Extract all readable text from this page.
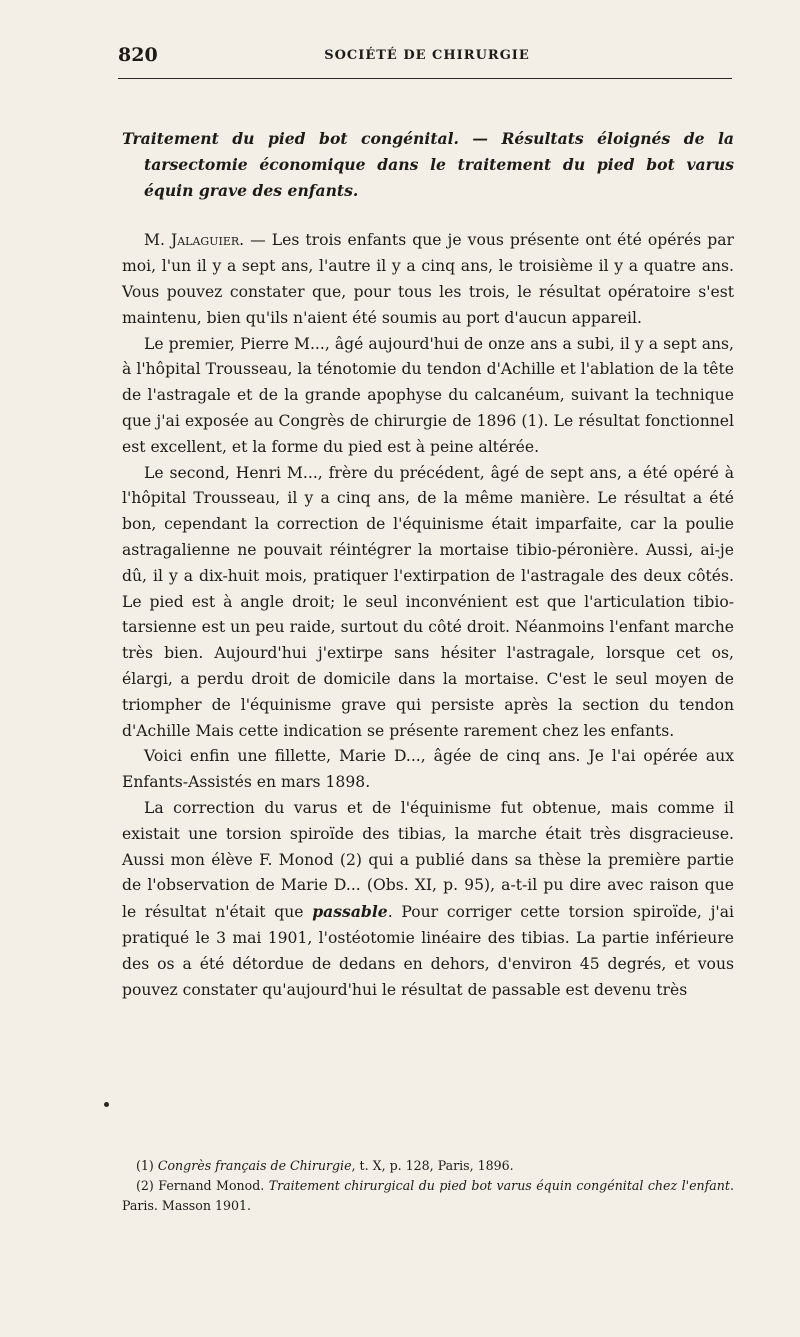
820	SOCIÉTÉ DE CHIRURGIE

Traitement du pied bot congénital. — Résultats éloignés de la tarsectomie économique dans le traitement du pied bot varus équin grave des enfants.

M. Jalaguier. — Les trois enfants que je vous présente ont été opérés par moi, l'un il y a sept ans, l'autre il y a cinq ans, le troisième il y a quatre ans. Vous pouvez constater que, pour tous les trois, le résultat opératoire s'est maintenu, bien qu'ils n'aient été soumis au port d'aucun appareil.

Le premier, Pierre M..., âgé aujourd'hui de onze ans a subi, il y a sept ans, à l'hôpital Trousseau, la ténotomie du tendon d'Achille et l'ablation de la tête de l'astragale et de la grande apophyse du calcanéum, suivant la technique que j'ai exposée au Congrès de chirurgie de 1896 (1). Le résultat fonctionnel est excellent, et la forme du pied est à peine altérée.

Le second, Henri M..., frère du précédent, âgé de sept ans, a été opéré à l'hôpital Trousseau, il y a cinq ans, de la même manière. Le résultat a été bon, cependant la correction de l'équinisme était imparfaite, car la poulie astragalienne ne pouvait réintégrer la mortaise tibio-péronière. Aussi, ai-je dû, il y a dix-huit mois, pratiquer l'extirpation de l'astragale des deux côtés. Le pied est à angle droit; le seul inconvénient est que l'articulation tibio-tarsienne est un peu raide, surtout du côté droit. Néanmoins l'enfant marche très bien. Aujourd'hui j'extirpe sans hésiter l'astragale, lorsque cet os, élargi, a perdu droit de domicile dans la mortaise. C'est le seul moyen de triompher de l'équinisme grave qui persiste après la section du tendon d'Achille Mais cette indication se présente rarement chez les enfants.

Voici enfin une fillette, Marie D..., âgée de cinq ans. Je l'ai opérée aux Enfants-Assistés en mars 1898.

La correction du varus et de l'équinisme fut obtenue, mais comme il existait une torsion spiroïde des tibias, la marche était très disgracieuse. Aussi mon élève F. Monod (2) qui a publié dans sa thèse la première partie de l'observation de Marie D... (Obs. XI, p. 95), a-t-il pu dire avec raison que le résultat n'était que passable. Pour corriger cette torsion spiroïde, j'ai pratiqué le 3 mai 1901, l'ostéotomie linéaire des tibias. La partie inférieure des os a été détordue de dedans en dehors, d'environ 45 degrés, et vous pouvez constater qu'aujourd'hui le résultat de passable est devenu très

(1) Congrès français de Chirurgie, t. X, p. 128, Paris, 1896.

(2) Fernand Monod. Traitement chirurgical du pied bot varus équin congénital chez l'enfant. Paris. Masson 1901.
